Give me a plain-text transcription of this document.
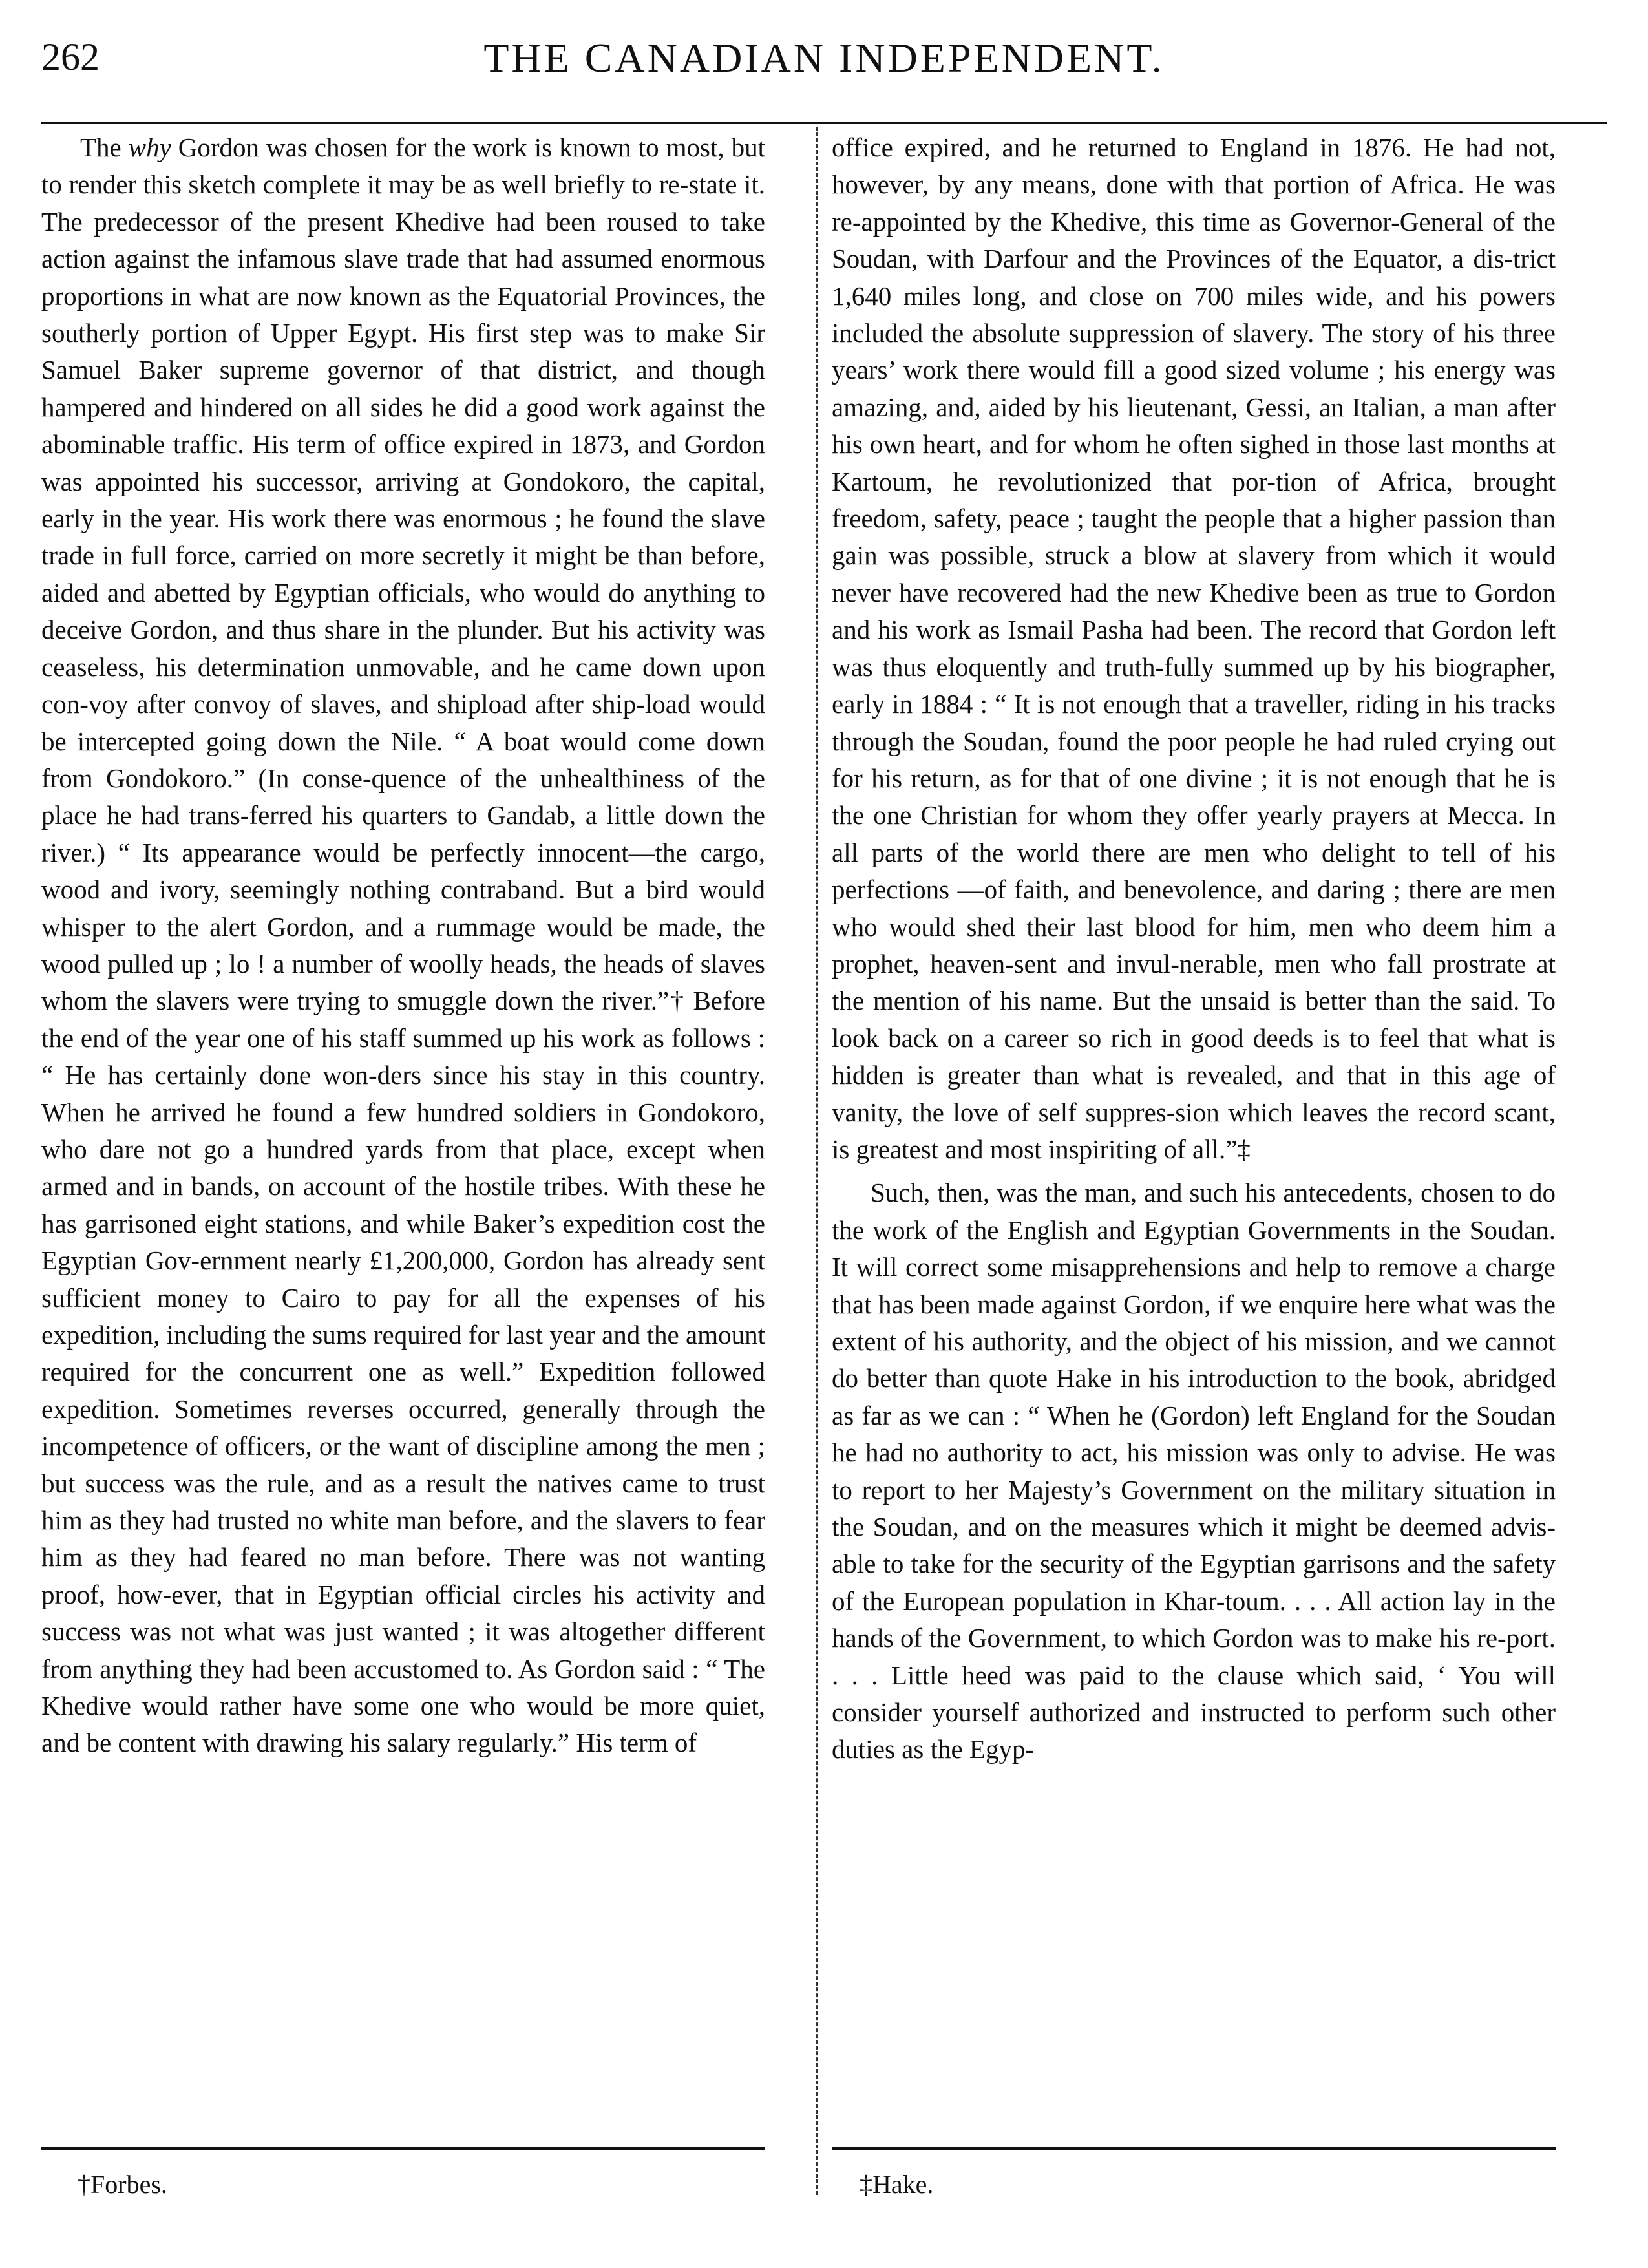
262	THE CANADIAN INDEPENDENT.

The why Gordon was chosen for the work is known to most, but to render this sketch complete it may be as well briefly to re-state it. The predecessor of the present Khedive had been roused to take action against the infamous slave trade that had assumed enormous proportions in what are now known as the Equatorial Provinces, the southerly portion of Upper Egypt. His first step was to make Sir Samuel Baker supreme governor of that district, and though hampered and hindered on all sides he did a good work against the abominable traffic. His term of office expired in 1873, and Gordon was appointed his successor, arriving at Gondokoro, the capital, early in the year. His work there was enormous ; he found the slave trade in full force, carried on more secretly it might be than before, aided and abetted by Egyptian officials, who would do anything to deceive Gordon, and thus share in the plunder. But his activity was ceaseless, his determination unmovable, and he came down upon con-voy after convoy of slaves, and shipload after ship-load would be intercepted going down the Nile. “ A boat would come down from Gondokoro.” (In conse-quence of the unhealthiness of the place he had trans-ferred his quarters to Gandab, a little down the river.) “ Its appearance would be perfectly innocent—the cargo, wood and ivory, seemingly nothing contraband. But a bird would whisper to the alert Gordon, and a rummage would be made, the wood pulled up ; lo ! a number of woolly heads, the heads of slaves whom the slavers were trying to smuggle down the river.”† Before the end of the year one of his staff summed up his work as follows : “ He has certainly done won-ders since his stay in this country. When he arrived he found a few hundred soldiers in Gondokoro, who dare not go a hundred yards from that place, except when armed and in bands, on account of the hostile tribes. With these he has garrisoned eight stations, and while Baker’s expedition cost the Egyptian Gov-ernment nearly £1,200,000, Gordon has already sent sufficient money to Cairo to pay for all the expenses of his expedition, including the sums required for last year and the amount required for the concurrent one as well.” Expedition followed expedition. Sometimes reverses occurred, generally through the incompetence of officers, or the want of discipline among the men ; but success was the rule, and as a result the natives came to trust him as they had trusted no white man before, and the slavers to fear him as they had feared no man before. There was not wanting proof, how-ever, that in Egyptian official circles his activity and success was not what was just wanted ; it was altogether different from anything they had been accustomed to. As Gordon said : “ The Khedive would rather have some one who would be more quiet, and be content with drawing his salary regularly.” His term of

office expired, and he returned to England in 1876. He had not, however, by any means, done with that portion of Africa. He was re-appointed by the Khedive, this time as Governor-General of the Soudan, with Darfour and the Provinces of the Equator, a dis-trict 1,640 miles long, and close on 700 miles wide, and his powers included the absolute suppression of slavery. The story of his three years’ work there would fill a good sized volume ; his energy was amazing, and, aided by his lieutenant, Gessi, an Italian, a man after his own heart, and for whom he often sighed in those last months at Kartoum, he revolutionized that por-tion of Africa, brought freedom, safety, peace ; taught the people that a higher passion than gain was possible, struck a blow at slavery from which it would never have recovered had the new Khedive been as true to Gordon and his work as Ismail Pasha had been. The record that Gordon left was thus eloquently and truth-fully summed up by his biographer, early in 1884 : “ It is not enough that a traveller, riding in his tracks through the Soudan, found the poor people he had ruled crying out for his return, as for that of one divine ; it is not enough that he is the one Christian for whom they offer yearly prayers at Mecca. In all parts of the world there are men who delight to tell of his perfections —of faith, and benevolence, and daring ; there are men who would shed their last blood for him, men who deem him a prophet, heaven-sent and invul-nerable, men who fall prostrate at the mention of his name. But the unsaid is better than the said. To look back on a career so rich in good deeds is to feel that what is hidden is greater than what is revealed, and that in this age of vanity, the love of self suppres-sion which leaves the record scant, is greatest and most inspiriting of all.”‡

Such, then, was the man, and such his antecedents, chosen to do the work of the English and Egyptian Governments in the Soudan. It will correct some misapprehensions and help to remove a charge that has been made against Gordon, if we enquire here what was the extent of his authority, and the object of his mission, and we cannot do better than quote Hake in his introduction to the book, abridged as far as we can : “ When he (Gordon) left England for the Soudan he had no authority to act, his mission was only to advise. He was to report to her Majesty’s Government on the military situation in the Soudan, and on the measures which it might be deemed advis-able to take for the security of the Egyptian garrisons and the safety of the European population in Khar-toum. . . . All action lay in the hands of the Government, to which Gordon was to make his re-port. . . . Little heed was paid to the clause which said, ‘ You will consider yourself authorized and instructed to perform such other duties as the Egyp-

†Forbes.	‡Hake.
